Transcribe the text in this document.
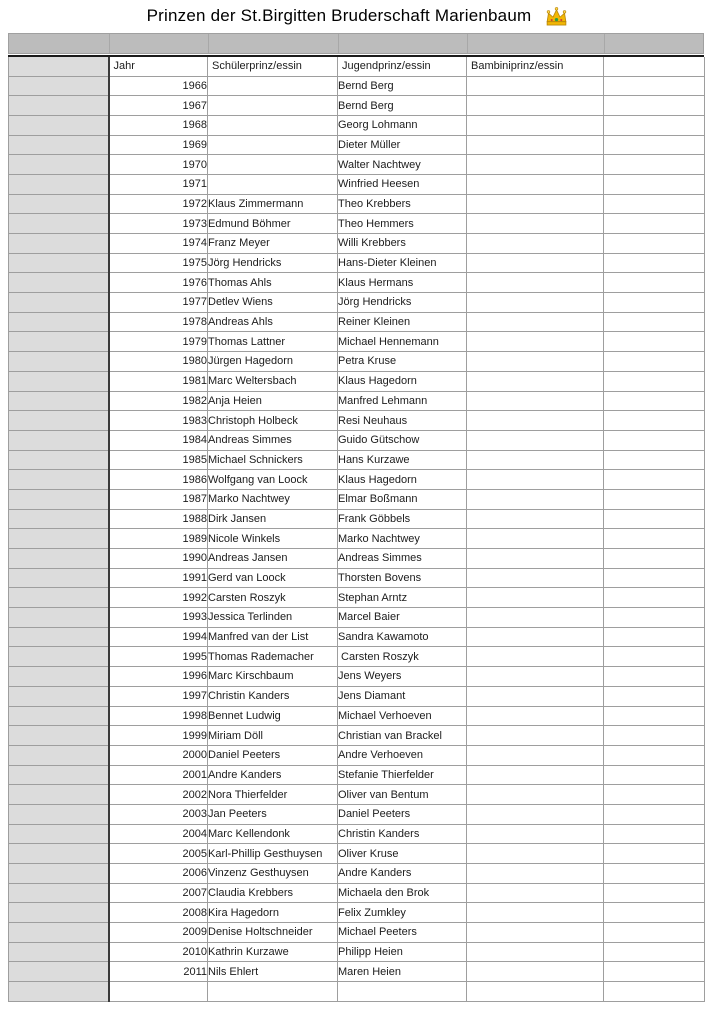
Prinzen der St.Birgitten Bruderschaft Marienbaum
	Jahr	Schülerprinz/essin	Jugendprinz/essin	Bambiniprinz/essin	
	1966		Bernd Berg		
	1967		Bernd Berg		
	1968		Georg Lohmann		
	1969		Dieter Müller		
	1970		Walter Nachtwey		
	1971		Winfried Heesen		
	1972	Klaus Zimmermann	Theo Krebbers		
	1973	Edmund Böhmer	Theo Hemmers		
	1974	Franz Meyer	Willi Krebbers		
	1975	Jörg Hendricks	Hans-Dieter Kleinen		
	1976	Thomas Ahls	Klaus Hermans		
	1977	Detlev Wiens	Jörg Hendricks		
	1978	Andreas Ahls	Reiner Kleinen		
	1979	Thomas Lattner	Michael Hennemann		
	1980	Jürgen Hagedorn	Petra Kruse		
	1981	Marc Weltersbach	Klaus Hagedorn		
	1982	Anja Heien	Manfred Lehmann		
	1983	Christoph Holbeck	Resi Neuhaus		
	1984	Andreas Simmes	Guido Gütschow		
	1985	Michael Schnickers	Hans Kurzawe		
	1986	Wolfgang van Loock	Klaus Hagedorn		
	1987	Marko Nachtwey	Elmar Boßmann		
	1988	Dirk Jansen	Frank Göbbels		
	1989	Nicole Winkels	Marko Nachtwey		
	1990	Andreas Jansen	Andreas Simmes		
	1991	Gerd van Loock	Thorsten Bovens		
	1992	Carsten Roszyk	Stephan Arntz		
	1993	Jessica Terlinden	Marcel Baier		
	1994	Manfred van der List	Sandra Kawamoto		
	1995	Thomas Rademacher	Carsten Roszyk		
	1996	Marc Kirschbaum	Jens Weyers		
	1997	Christin Kanders	Jens Diamant		
	1998	Bennet Ludwig	Michael Verhoeven		
	1999	Miriam Döll	Christian van Brackel		
	2000	Daniel Peeters	Andre Verhoeven		
	2001	Andre Kanders	Stefanie Thierfelder		
	2002	Nora Thierfelder	Oliver van Bentum		
	2003	Jan Peeters	Daniel Peeters		
	2004	Marc Kellendonk	Christin Kanders		
	2005	Karl-Phillip Gesthuysen	Oliver Kruse		
	2006	Vinzenz Gesthuysen	Andre Kanders		
	2007	Claudia Krebbers	Michaela den Brok		
	2008	Kira Hagedorn	Felix Zumkley		
	2009	Denise Holtschneider	Michael Peeters		
	2010	Kathrin Kurzawe	Philipp Heien		
	2011	Nils Ehlert	Maren Heien		
